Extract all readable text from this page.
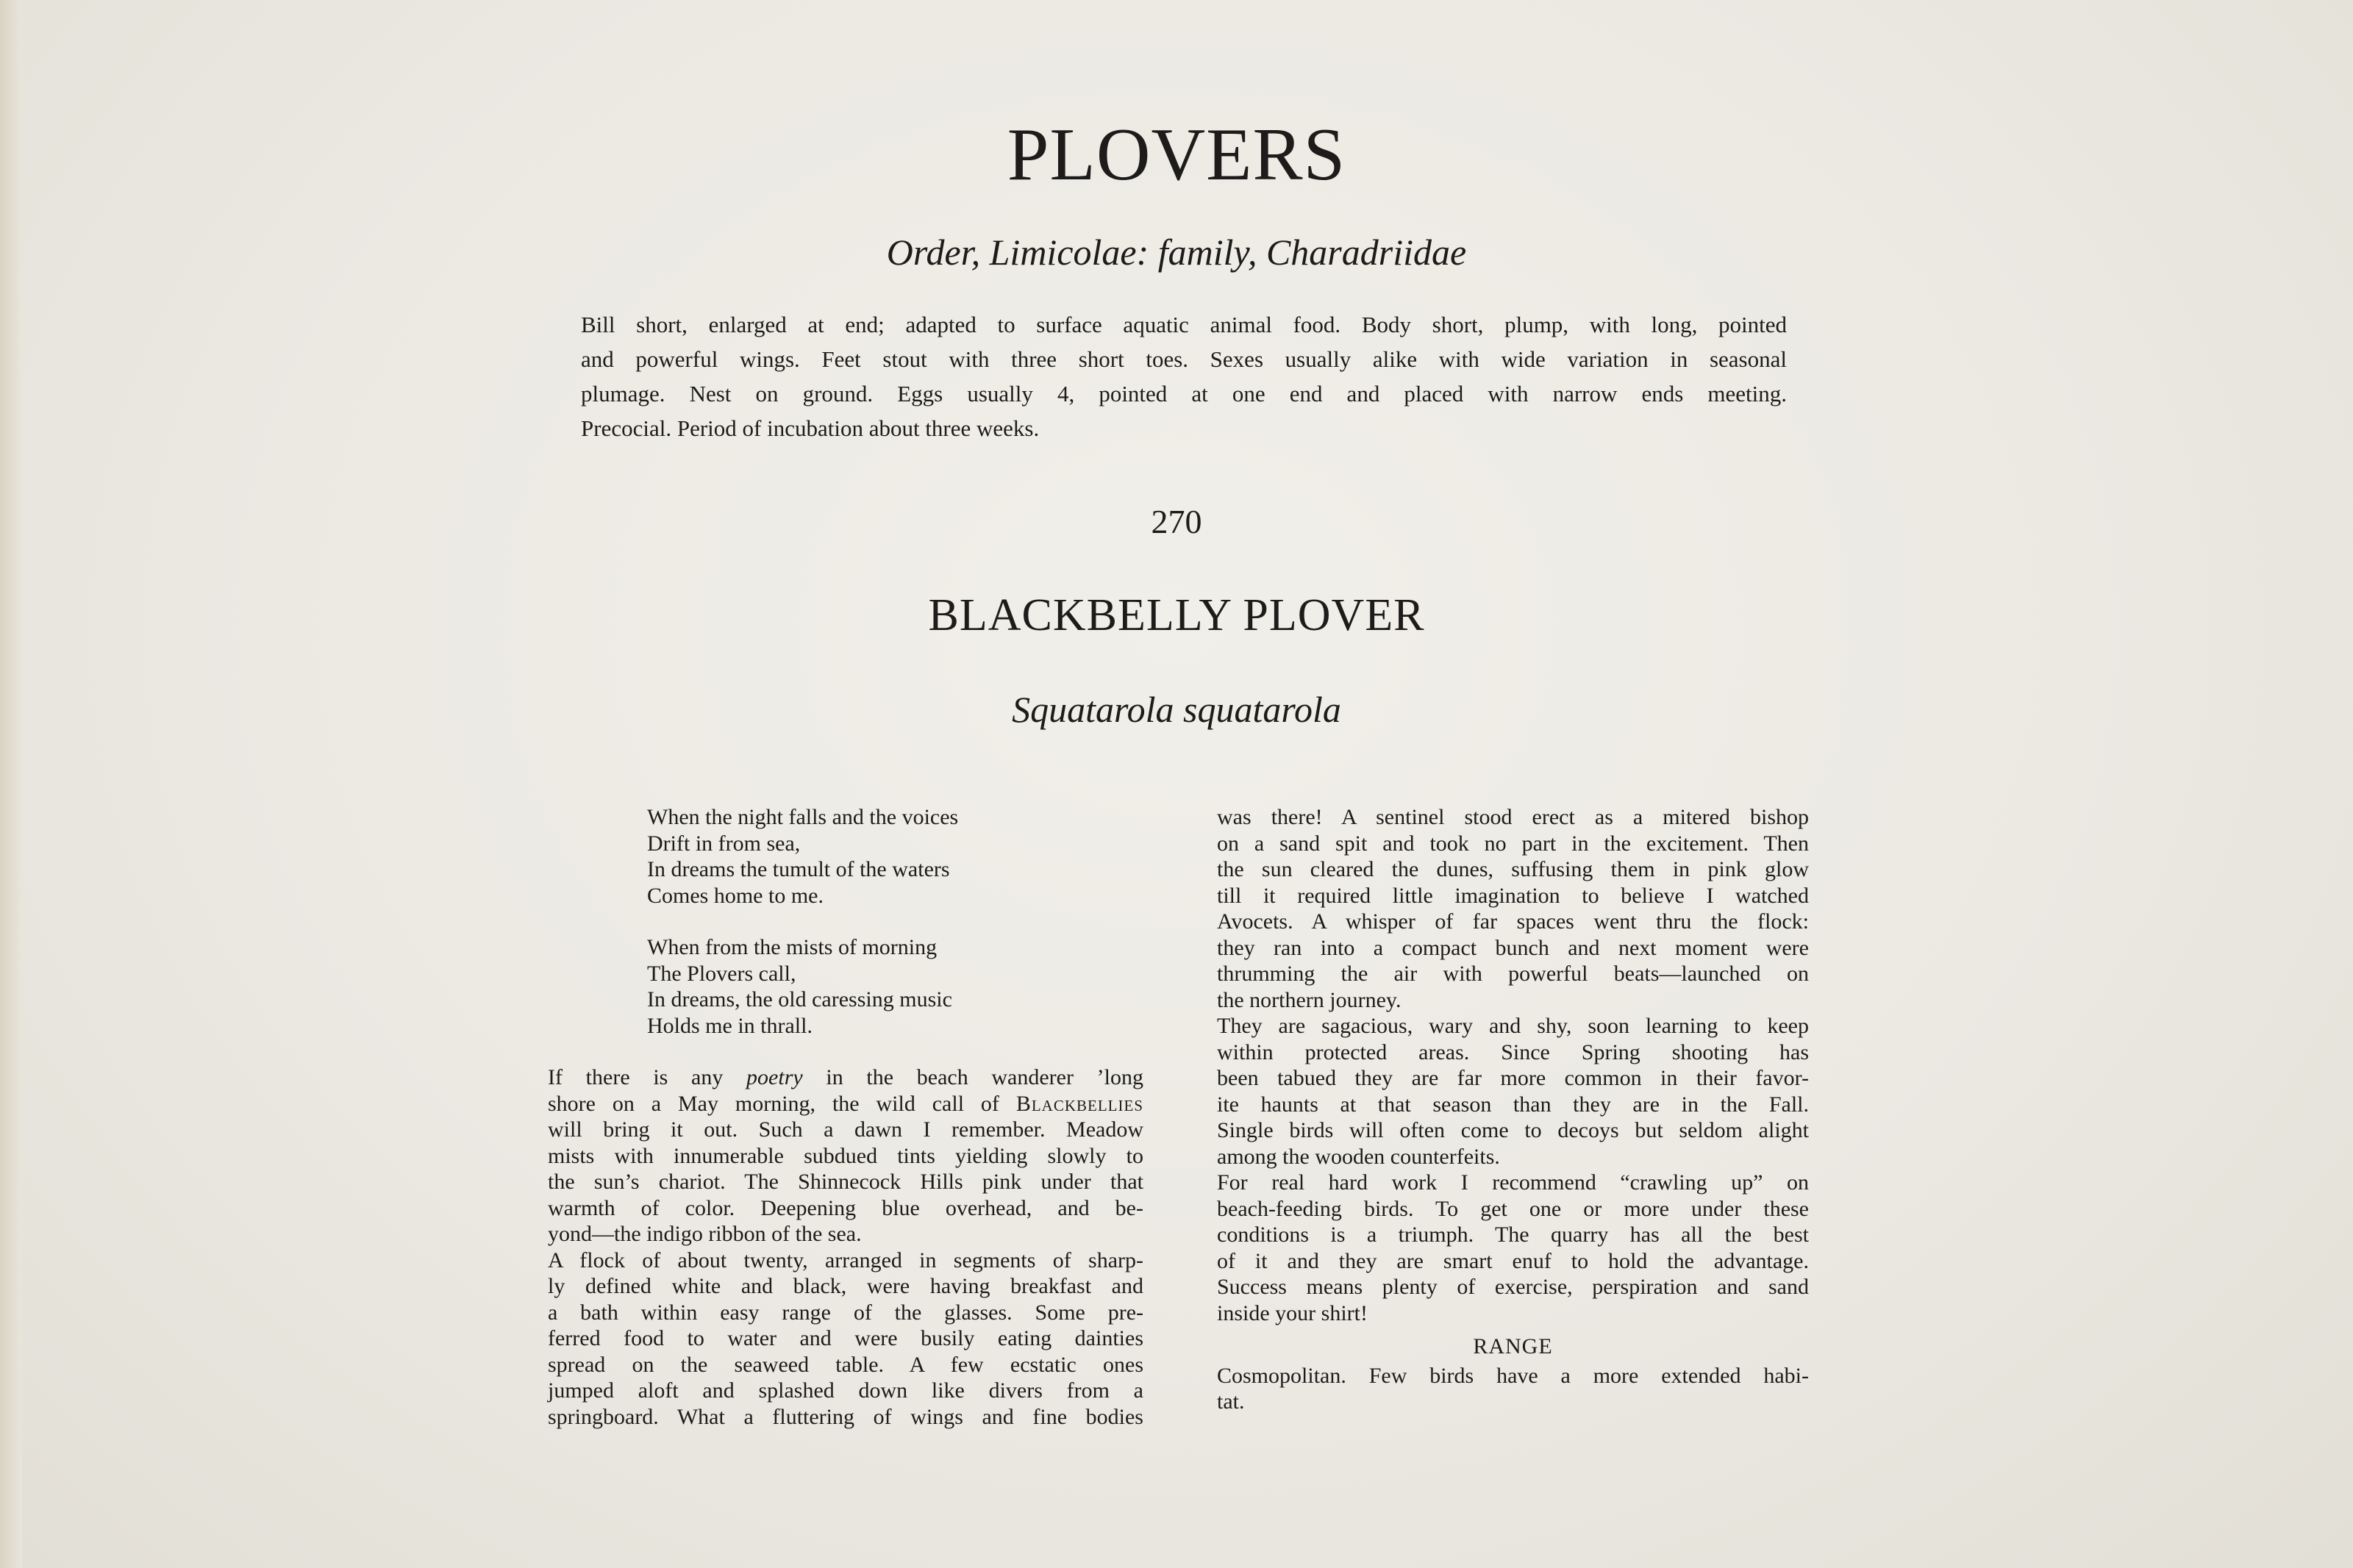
PLOVERS
Order, Limicolae: family, Charadriidae
Bill short, enlarged at end; adapted to surface aquatic animal food. Body short, plump, with long, pointed
and powerful wings. Feet stout with three short toes. Sexes usually alike with wide variation in seasonal
plumage. Nest on ground. Eggs usually 4, pointed at one end and placed with narrow ends meeting.
Precocial. Period of incubation about three weeks.
270
BLACKBELLY PLOVER
Squatarola squatarola
When the night falls and the voices
Drift in from sea,
In dreams the tumult of the waters
Comes home to me.
When from the mists of morning
The Plovers call,
In dreams, the old caressing music
Holds me in thrall.
If there is any poetry in the beach wanderer ’long
shore on a May morning, the wild call of Blackbellies
will bring it out. Such a dawn I remember. Meadow
mists with innumerable subdued tints yielding slowly to
the sun’s chariot. The Shinnecock Hills pink under that
warmth of color. Deepening blue overhead, and be-
yond—the indigo ribbon of the sea.
A flock of about twenty, arranged in segments of sharp-
ly defined white and black, were having breakfast and
a bath within easy range of the glasses. Some pre-
ferred food to water and were busily eating dainties
spread on the seaweed table. A few ecstatic ones
jumped aloft and splashed down like divers from a
springboard. What a fluttering of wings and fine bodies
was there! A sentinel stood erect as a mitered bishop
on a sand spit and took no part in the excitement. Then
the sun cleared the dunes, suffusing them in pink glow
till it required little imagination to believe I watched
Avocets. A whisper of far spaces went thru the flock:
they ran into a compact bunch and next moment were
thrumming the air with powerful beats—launched on
the northern journey.
They are sagacious, wary and shy, soon learning to keep
within protected areas. Since Spring shooting has
been tabued they are far more common in their favor-
ite haunts at that season than they are in the Fall.
Single birds will often come to decoys but seldom alight
among the wooden counterfeits.
For real hard work I recommend “crawling up” on
beach-feeding birds. To get one or more under these
conditions is a triumph. The quarry has all the best
of it and they are smart enuf to hold the advantage.
Success means plenty of exercise, perspiration and sand
inside your shirt!
RANGE
Cosmopolitan. Few birds have a more extended habi-
tat.
